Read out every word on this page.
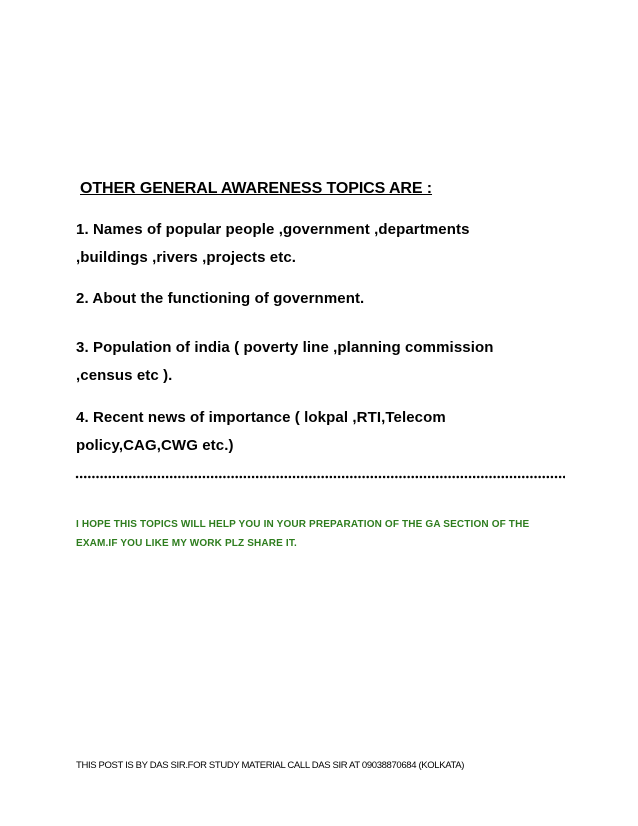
OTHER GENERAL AWARENESS TOPICS ARE :
1. Names of popular people ,government ,departments
,buildings ,rivers ,projects etc.
2. About the functioning of government.
3. Population of india ( poverty line ,planning commission
,census etc ).
4. Recent news of importance ( lokpal ,RTI,Telecom
policy,CAG,CWG etc.)
I HOPE THIS TOPICS WILL HELP YOU IN YOUR PREPARATION OF THE GA SECTION OF THE
EXAM.IF YOU LIKE MY WORK PLZ SHARE IT.
THIS POST IS BY DAS SIR.FOR STUDY MATERIAL CALL DAS SIR AT 09038870684 (KOLKATA)
